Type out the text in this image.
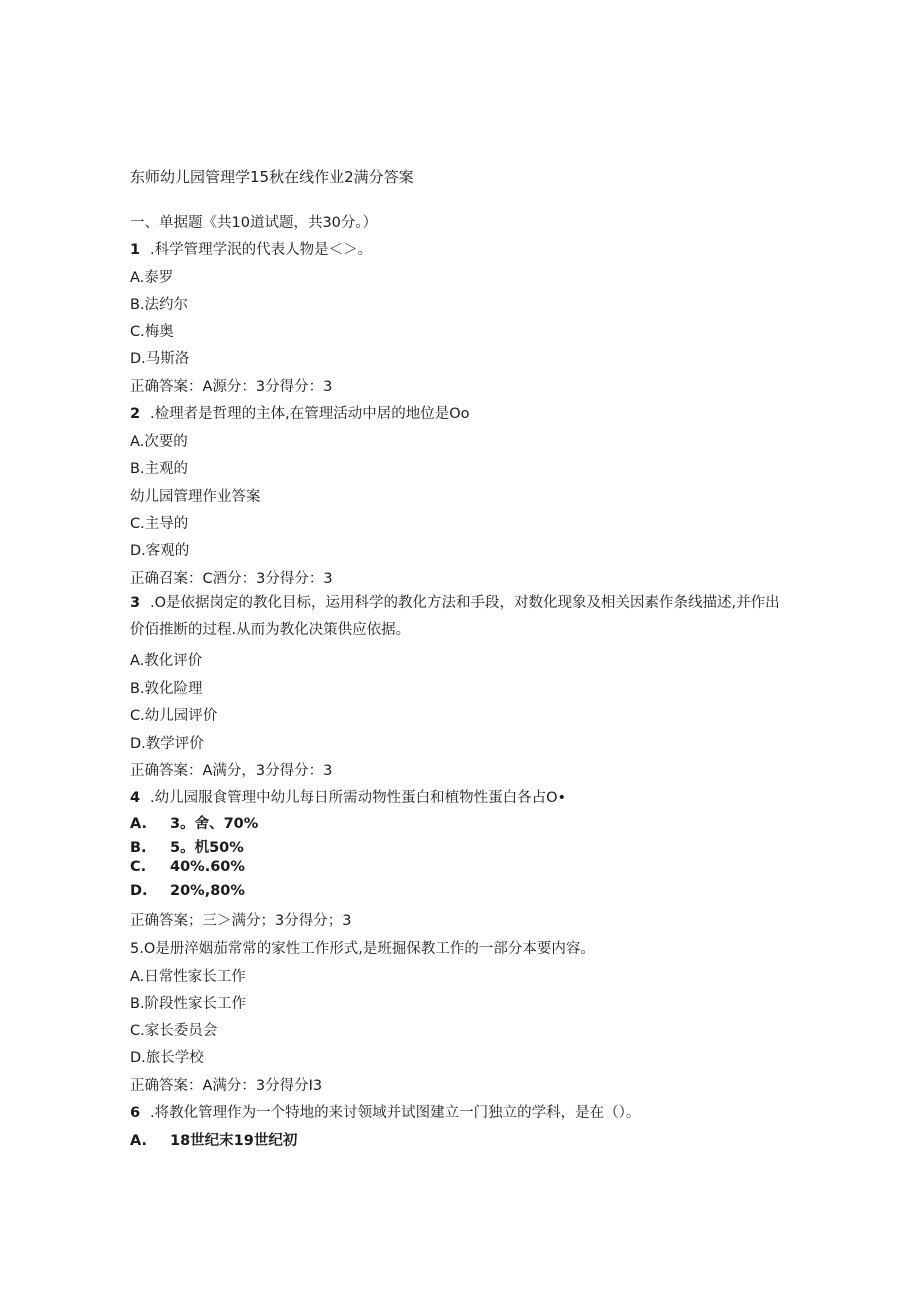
东师幼儿园管理学15秋在线作业2满分答案
一、单据题《共10道试题，共30分。）
1 .科学管理学泯的代表人物是＜＞。
A.泰罗
B.法约尔
C.梅奥
D.马斯洛
正确答案：A源分：3分得分：3
2 .检理者是哲理的主体,在管理活动中居的地位是Oo
A.次要的
B.主观的
幼儿园管理作业答案
C.主导的
D.客观的
正确召案：C酒分：3分得分：3
3 .O是依据岗定的教化目标，运用科学的教化方法和手段，对数化现象及相关因素作条线描述,并作出价佰推断的过程.从而为教化决策供应依据。
A.教化评价
B.敦化险理
C.幼儿园评价
D.教学评价
正确答案：A满分，3分得分：3
4 .幼儿园服食管理中幼儿每日所需动物性蛋白和植物性蛋白各占O•
A. 3。舍、70%
B. 5。机50%
C. 40%.60%
D. 20%,80%
正确答案；三＞满分；3分得分；3
5.O是册淬姻茄常常的家性工作形式,是班掘保教工作的一部分本要内容。
A.日常性家长工作
B.阶段性家长工作
C.家长委员会
D.旅长学校
正确答案：A满分：3分得分I3
6 .将教化管理作为一个特地的来讨领域并试图建立一门独立的学科，是在（）。
A. 18世纪末19世纪初
